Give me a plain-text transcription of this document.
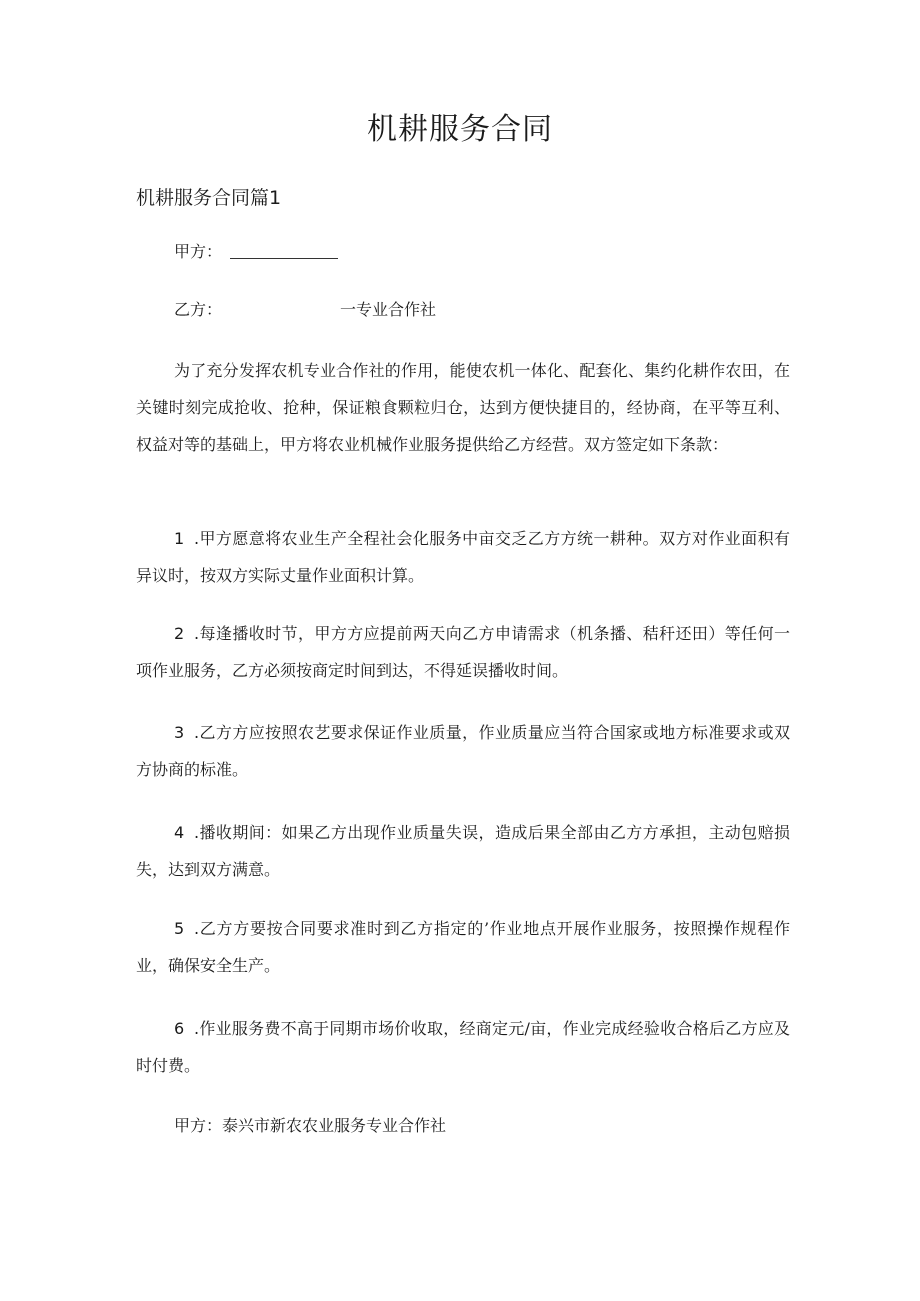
机耕服务合同
机耕服务合同篇1
甲方：
乙方：	一专业合作社

为了充分发挥农机专业合作社的作用，能使农机一体化、配套化、集约化耕作农田，在关键时刻完成抢收、抢种，保证粮食颗粒归仓，达到方便快捷目的，经协商，在平等互利、权益对等的基础上，甲方将农业机械作业服务提供给乙方经营。双方签定如下条款：

1 .甲方愿意将农业生产全程社会化服务中亩交乏乙方方统一耕种。双方对作业面积有异议时，按双方实际丈量作业面积计算。

2 .每逢播收时节，甲方方应提前两天向乙方申请需求（机条播、秸秆还田）等任何一项作业服务，乙方必须按商定时间到达，不得延误播收时间。

3 .乙方方应按照农艺要求保证作业质量，作业质量应当符合国家或地方标准要求或双方协商的标准。

4 .播收期间：如果乙方出现作业质量失误，造成后果全部由乙方方承担，主动包赔损失，达到双方满意。

5 .乙方方要按合同要求准时到乙方指定的’作业地点开展作业服务，按照操作规程作业，确保安全生产。

6 .作业服务费不高于同期市场价收取，经商定元/亩，作业完成经验收合格后乙方应及时付费。

甲方：泰兴市新农农业服务专业合作社
